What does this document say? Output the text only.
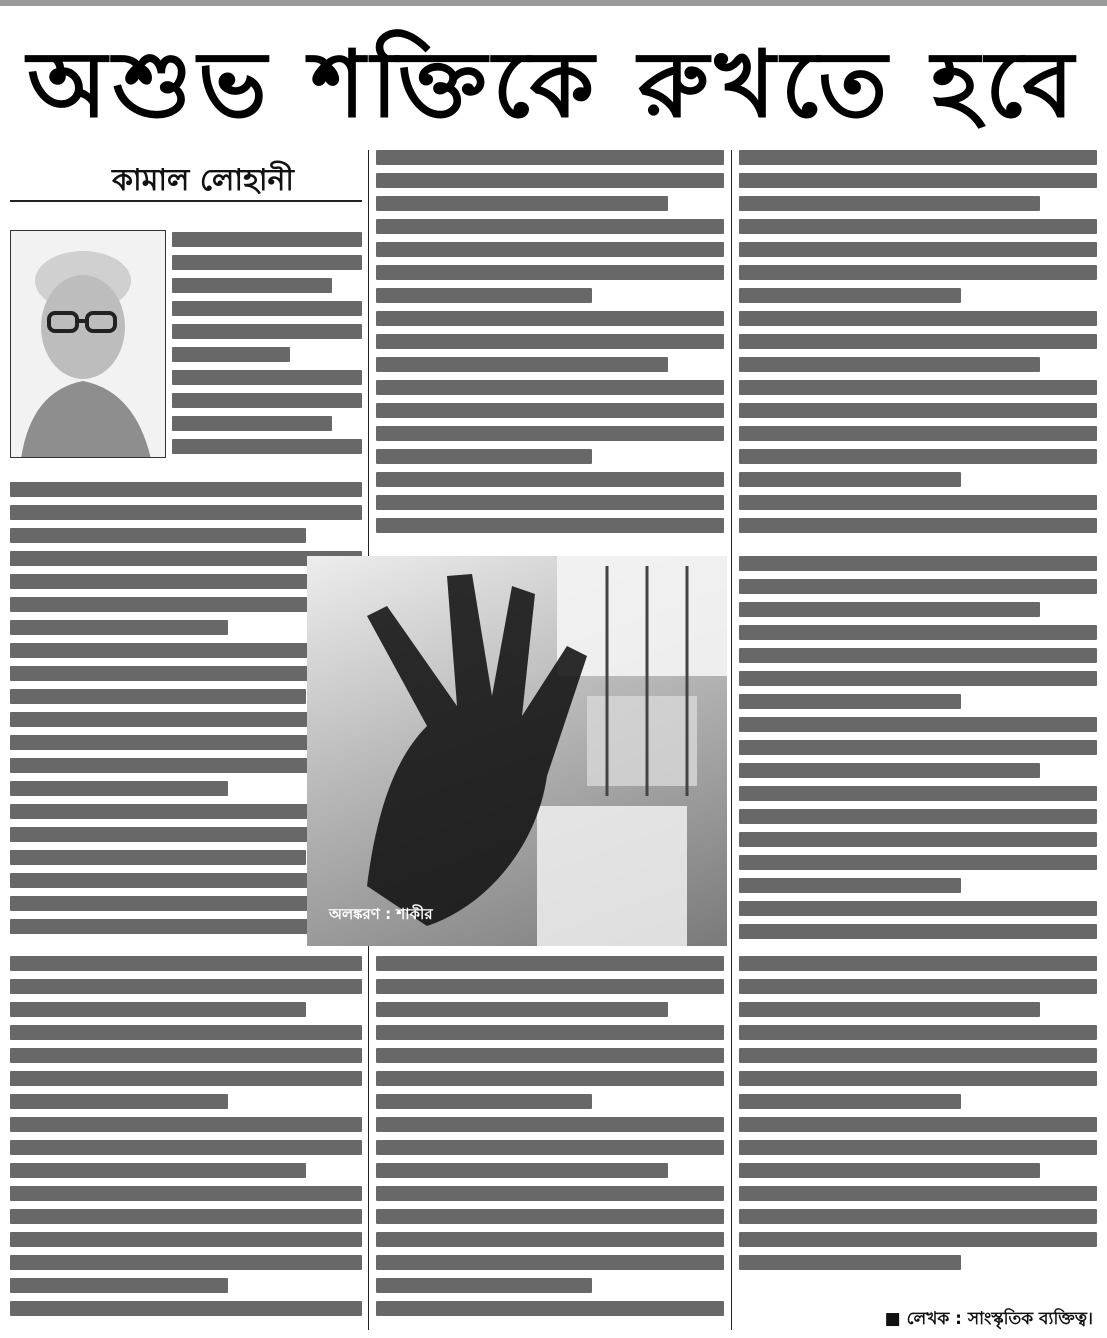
অশুভ শক্তিকে রুখতে হবে
কামাল লোহানী
অলঙ্করণ : শাকীর
■ লেখক : সাংস্কৃতিক ব্যক্তিত্ব।
